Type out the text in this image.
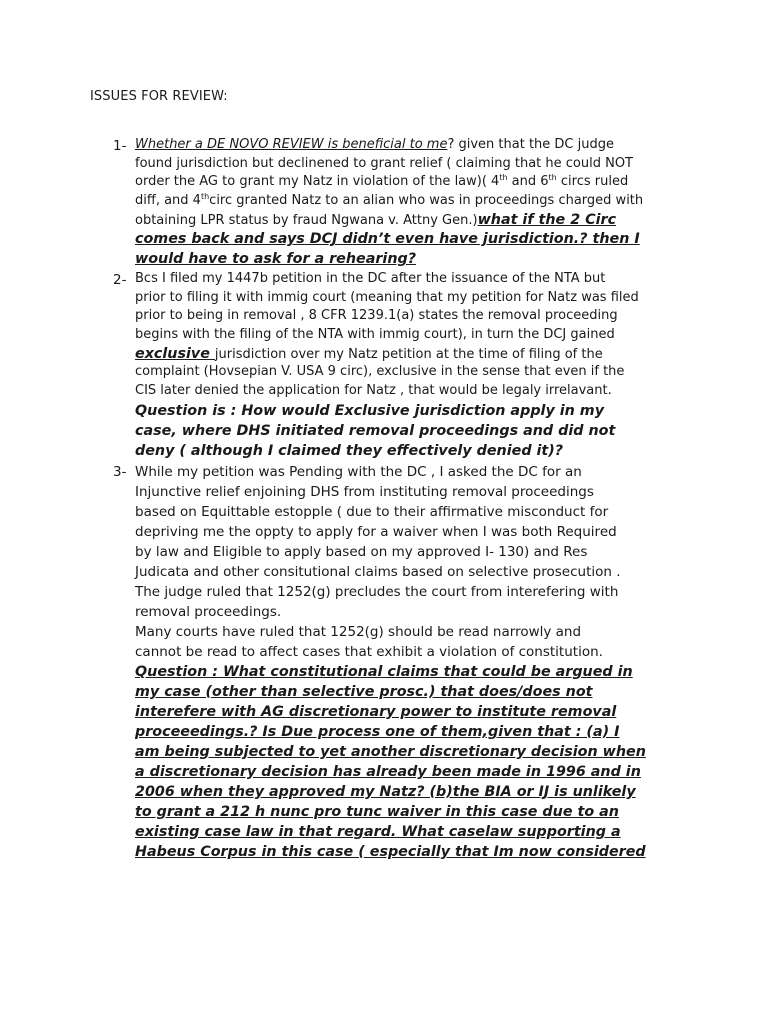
ISSUES FOR REVIEW:
1- Whether a DE NOVO REVIEW is beneficial to me? given that the DC judge
found jurisdiction but declinened to grant relief ( claiming that he could NOT
order the AG to grant my Natz in violation of the law)( 4th and 6th circs ruled
diff, and 4thcirc granted Natz to an alian who was in proceedings charged with
obtaining LPR status by fraud Ngwana v. Attny Gen.)what if the 2 Circ
comes back and says DCJ didn’t even have jurisdiction.? then I
would have to ask for a rehearing?
2- Bcs I filed my 1447b petition in the DC after the issuance of the NTA but
prior to filing it with immig court (meaning that my petition for Natz was filed
prior to being in removal , 8 CFR 1239.1(a) states the removal proceeding
begins with the filing of the NTA with immig court), in turn the DCJ gained
exclusive jurisdiction over my Natz petition at the time of filing of the
complaint (Hovsepian V. USA 9 circ), exclusive in the sense that even if the
CIS later denied the application for Natz , that would be legaly irrelavant.
Question is : How would Exclusive jurisdiction apply in my
case, where DHS initiated removal proceedings and did not
deny ( although I claimed they effectively denied it)?
3- While my petition was Pending with the DC , I asked the DC for an
Injunctive relief enjoining DHS from instituting removal proceedings
based on Equittable estopple ( due to their affirmative misconduct for
depriving me the oppty to apply for a waiver when I was both Required
by law and Eligible to apply based on my approved I- 130) and Res
Judicata and other consitutional claims based on selective prosecution .
The judge ruled that 1252(g) precludes the court from interefering with
removal proceedings.
Many courts have ruled that 1252(g) should be read narrowly and
cannot be read to affect cases that exhibit a violation of constitution.
Question : What constitutional claims that could be argued in
my case (other than selective prosc.) that does/does not
interefere with AG discretionary power to institute removal
proceeedings.? Is Due process one of them,given that : (a) I
am being subjected to yet another discretionary decision when
a discretionary decision has already been made in 1996 and in
2006 when they approved my Natz? (b)the BIA or IJ is unlikely
to grant a 212 h nunc pro tunc waiver in this case due to an
existing case law in that regard. What caselaw supporting a
Habeus Corpus in this case ( especially that Im now considered
